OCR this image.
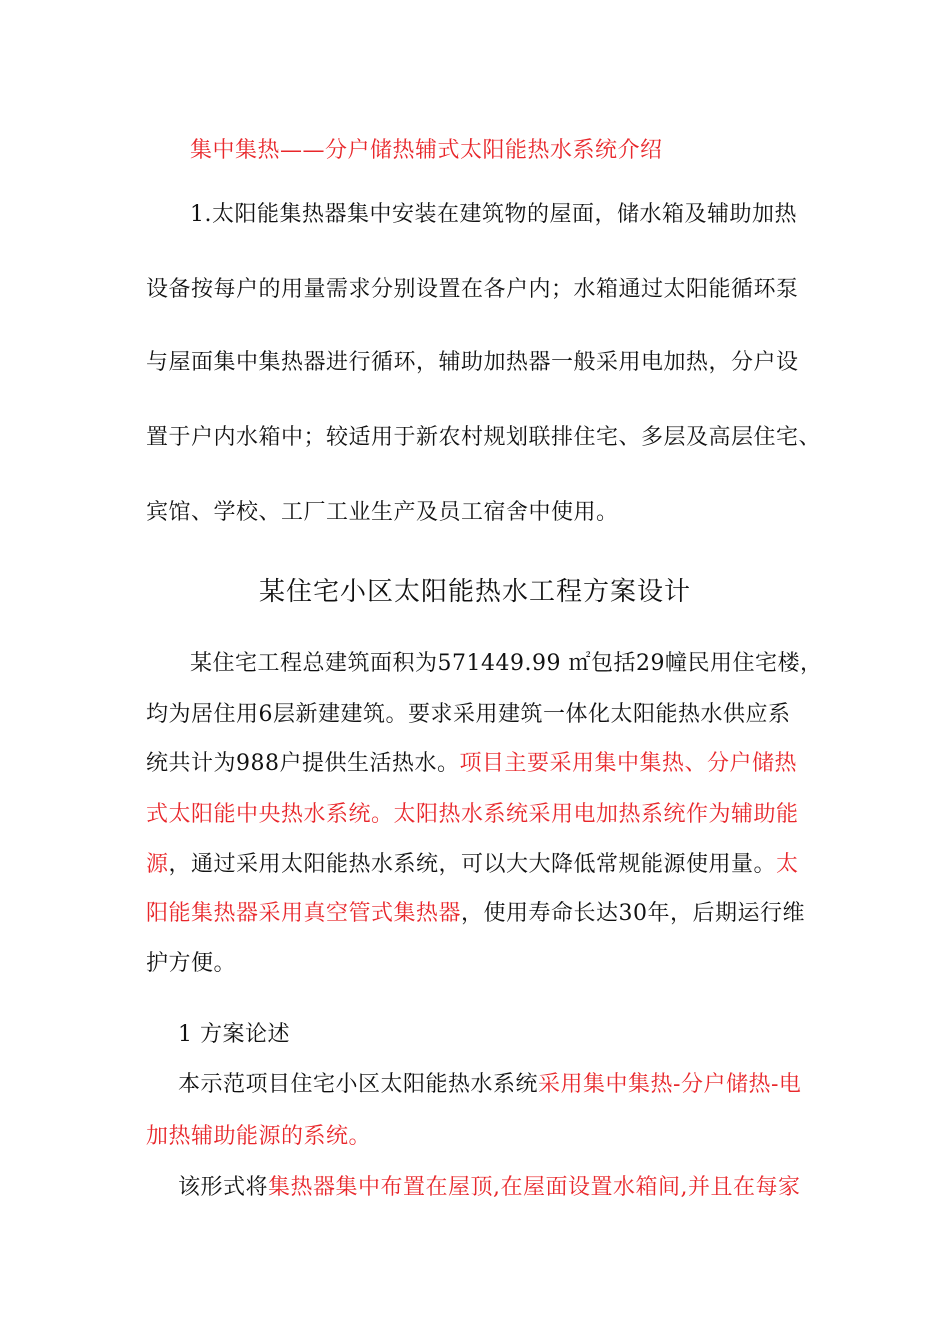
集中集热——分户储热辅式太阳能热水系统介绍
1.太阳能集热器集中安装在建筑物的屋面，储水箱及辅助加热
设备按每户的用量需求分别设置在各户内；水箱通过太阳能循环泵
与屋面集中集热器进行循环，辅助加热器一般采用电加热，分户设
置于户内水箱中；较适用于新农村规划联排住宅、多层及高层住宅、
宾馆、学校、工厂工业生产及员工宿舍中使用。
某住宅小区太阳能热水工程方案设计
某住宅工程总建筑面积为571449.99 ㎡包括29幢民用住宅楼，
均为居住用6层新建建筑。要求采用建筑一体化太阳能热水供应系
统共计为988户提供生活热水。项目主要采用集中集热、分户储热
式太阳能中央热水系统。太阳热水系统采用电加热系统作为辅助能
源，通过采用太阳能热水系统，可以大大降低常规能源使用量。太
阳能集热器采用真空管式集热器，使用寿命长达30年，后期运行维
护方便。
1 方案论述
本示范项目住宅小区太阳能热水系统采用集中集热-分户储热-电
加热辅助能源的系统。
该形式将集热器集中布置在屋顶,在屋面设置水箱间,并且在每家
